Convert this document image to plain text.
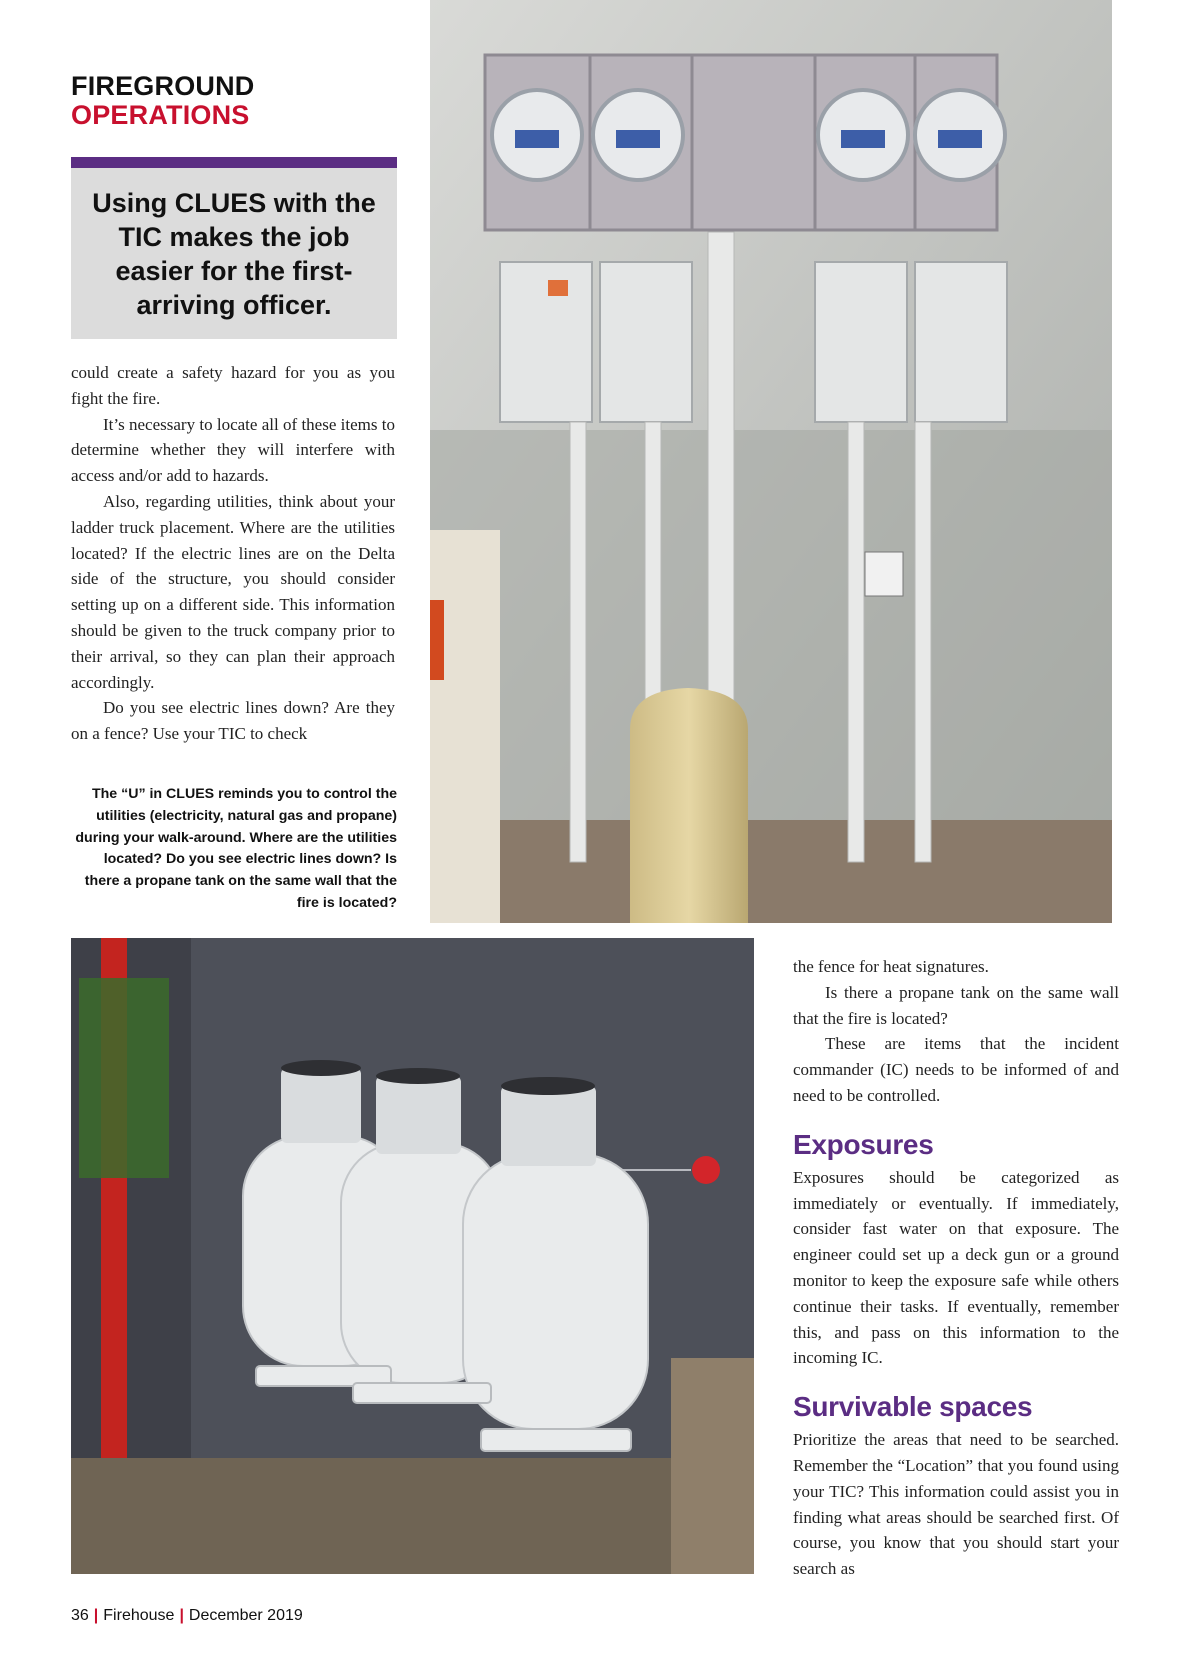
FIREGROUND
OPERATIONS
Using CLUES with the TIC makes the job easier for the first-arriving officer.

could create a safety hazard for you as you fight the fire.

It’s necessary to locate all of these items to determine whether they will interfere with access and/or add to hazards.

Also, regarding utilities, think about your ladder truck placement. Where are the utilities located? If the electric lines are on the Delta side of the structure, you should consider setting up on a different side. This information should be given to the truck company prior to their arrival, so they can plan their approach accordingly.

Do you see electric lines down? Are they on a fence? Use your TIC to check

The “U” in CLUES reminds you to control the utilities (electricity, natural gas and propane) during your walk-around. Where are the utilities located? Do you see electric lines down? Is there a propane tank on the same wall that the fire is located?

the fence for heat signatures.

Is there a propane tank on the same wall that the fire is located?

These are items that the incident commander (IC) needs to be informed of and need to be controlled.

Exposures

Exposures should be categorized as immediately or eventually. If immediately, consider fast water on that exposure. The engineer could set up a deck gun or a ground monitor to keep the exposure safe while others continue their tasks. If eventually, remember this, and pass on this information to the incoming IC.

Survivable spaces

Prioritize the areas that need to be searched. Remember the “Location” that you found using your TIC? This information could assist you in finding what areas should be searched first. Of course, you know that you should start your search as

36 | Firehouse | December 2019
